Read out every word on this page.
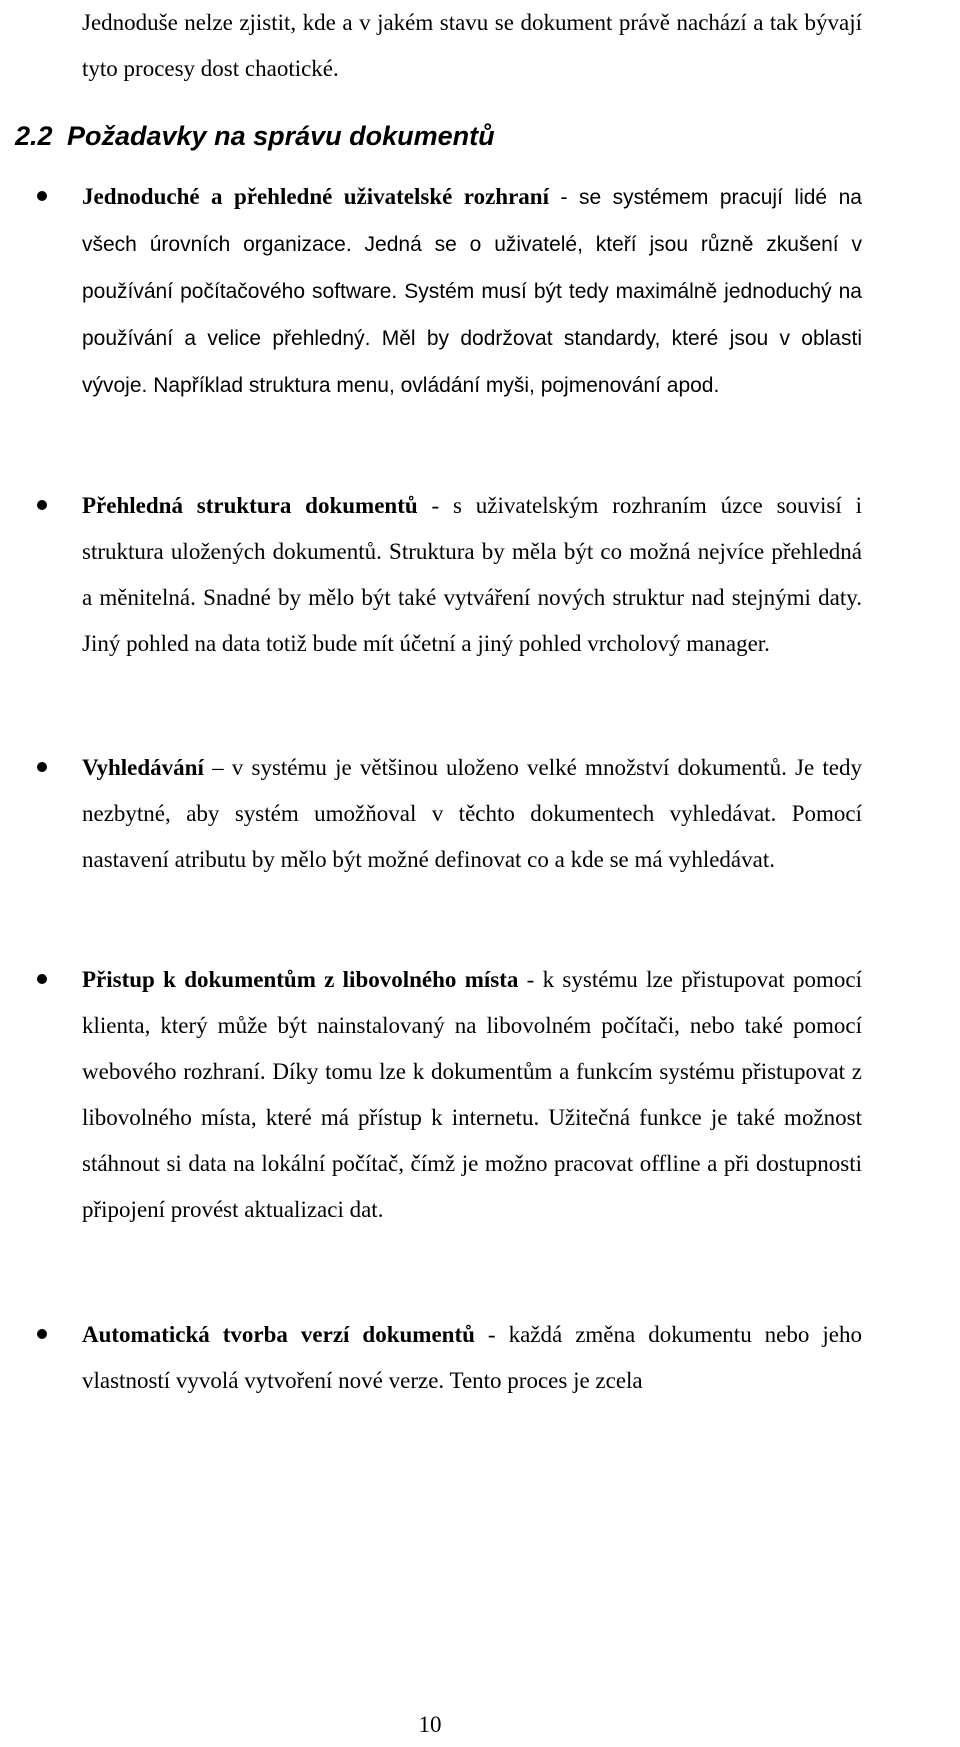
Jednoduše nelze zjistit, kde a v jakém stavu se dokument právě nachází a tak bývají tyto procesy dost chaotické.

2.2 Požadavky na správu dokumentů
Jednoduché a přehledné uživatelské rozhraní - se systémem pracují lidé na všech úrovních organizace. Jedná se o uživatelé, kteří jsou různě zkušení v používání počítačového software. Systém musí být tedy maximálně jednoduchý na používání a velice přehledný. Měl by dodržovat standardy, které jsou v oblasti vývoje. Například struktura menu, ovládání myši, pojmenování apod.
Přehledná struktura dokumentů - s uživatelským rozhraním úzce souvisí i struktura uložených dokumentů. Struktura by měla být co možná nejvíce přehledná a měnitelná. Snadné by mělo být také vytváření nových struktur nad stejnými daty. Jiný pohled na data totiž bude mít účetní a jiný pohled vrcholový manager.
Vyhledávání – v systému je většinou uloženo velké množství dokumentů. Je tedy nezbytné, aby systém umožňoval v těchto dokumentech vyhledávat. Pomocí nastavení atributu by mělo být možné definovat co a kde se má vyhledávat.
Přistup k dokumentům z libovolného místa - k systému lze přistupovat pomocí klienta, který může být nainstalovaný na libovolném počítači, nebo také pomocí webového rozhraní. Díky tomu lze k dokumentům a funkcím systému přistupovat z libovolného místa, které má přístup k internetu. Užitečná funkce je také možnost stáhnout si data na lokální počítač, čímž je možno pracovat offline a při dostupnosti připojení provést aktualizaci dat.
Automatická tvorba verzí dokumentů - každá změna dokumentu nebo jeho vlastností vyvolá vytvoření nové verze. Tento proces je zcela
10
